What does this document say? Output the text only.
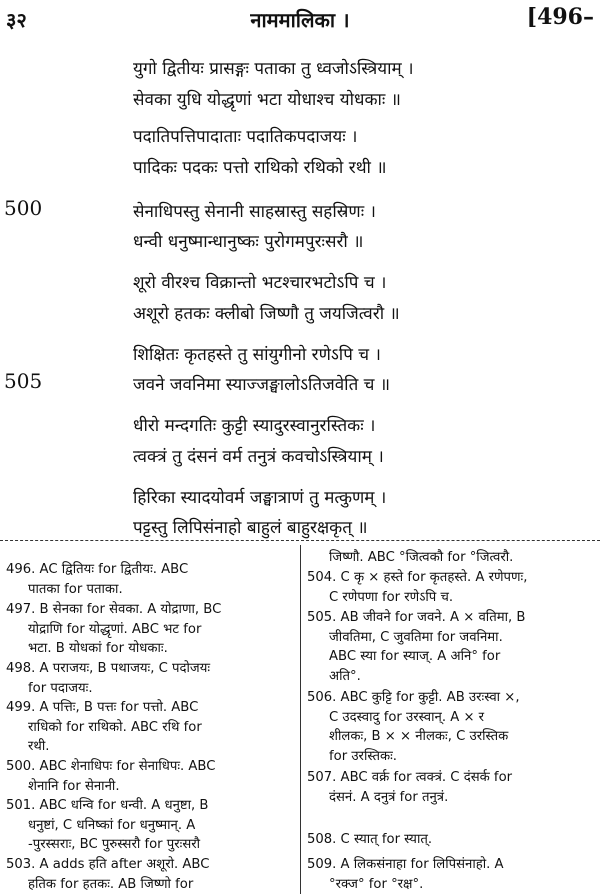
३२	नाममालिका ।	[496–
युगो द्वितीयः प्रासङ्गः पताका तु ध्वजोऽस्त्रियाम् ।
सेवका युधि योद्धृणां भटा योधाश्च योधकाः ॥
पदातिपत्तिपादाताः पदातिकपदाजयः ।
पादिकः पदकः पत्तो राथिको रथिको रथी ॥
500	सेनाधिपस्तु सेनानी साहस्रास्तु सहस्रिणः ।
धन्वी धनुष्मान्धानुष्कः पुरोगमपुरःसरौ ॥
शूरो वीरश्च विक्रान्तो भटश्चारभटोऽपि च ।
अशूरो हतकः क्लीबो जिष्णौ तु जयजित्वरौ ॥
शिक्षितः कृतहस्ते तु सांयुगीनो रणेऽपि च ।
505	जवने जवनिमा स्याज्जङ्घालोऽतिजवेति च ॥
धीरो मन्दगतिः कुट्टी स्यादुरस्वानुरस्तिकः ।
त्वक्त्रं तु दंसनं वर्म तनुत्रं कवचोऽस्त्रियाम् ।
हिरिका स्यादयोवर्म जङ्घात्राणं तु मत्कुणम् ।
पट्टस्तु लिपिसंनाहो बाहुलं बाहुरक्षकृत् ॥
496. AC द्वितियः for द्वितीयः. ABC
पातका for पताका.
497. B सेनका for सेवका. A योद्राणा, BC
योद्राणि for योद्धृणां. ABC भट for
भटा. B योधकां for योधकाः.
498. A पराजयः, B पथाजयः, C पदोजयः
for पदाजयः.
499. A पत्तिः, B पत्तः for पत्तो. ABC
राधिको for राथिको. ABC रथि for
रथी.
500. ABC शेनाधिपः for सेनाधिपः. ABC
शेनानि for सेनानी.
501. ABC धन्वि for धन्वी. A धनुष्टा, B
धनुष्टां, C धनिष्कां for धनुष्मान्. A
-पुरस्सराः, BC पुरुस्सरौ for पुरःसरौ
503. A adds हति after अशूरो. ABC
हतिक for हतकः. AB जिष्णो for
जिष्णौ. ABC °जित्वकौ for °जित्वरौ.
504. C कृ × हस्ते for कृतहस्ते. A रणेपणः,
C रणेपणा for रणेऽपि च.
505. AB जीवने for जवने. A × वतिमा, B
जीवतिमा, C जुवतिमा for जवनिमा.
ABC स्या for स्याज्. A अनि° for
अति°.
506. ABC कुट्टि for कुट्टी. AB उरःस्वा ×,
C उदस्वादु for उरस्वान्. A × र
शीलकः, B × × नीलकः, C उरस्तिक
for उरस्तिकः.
507. ABC वर्क्र for त्वक्त्रं. C दंसर्क for
दंसनं. A दनुत्रं for तनुत्रं.
508. C स्यात् for स्यात्.
509. A लिकसंनाहा for लिपिसंनाहो. A
°रक्ज° for °रक्ष°.
